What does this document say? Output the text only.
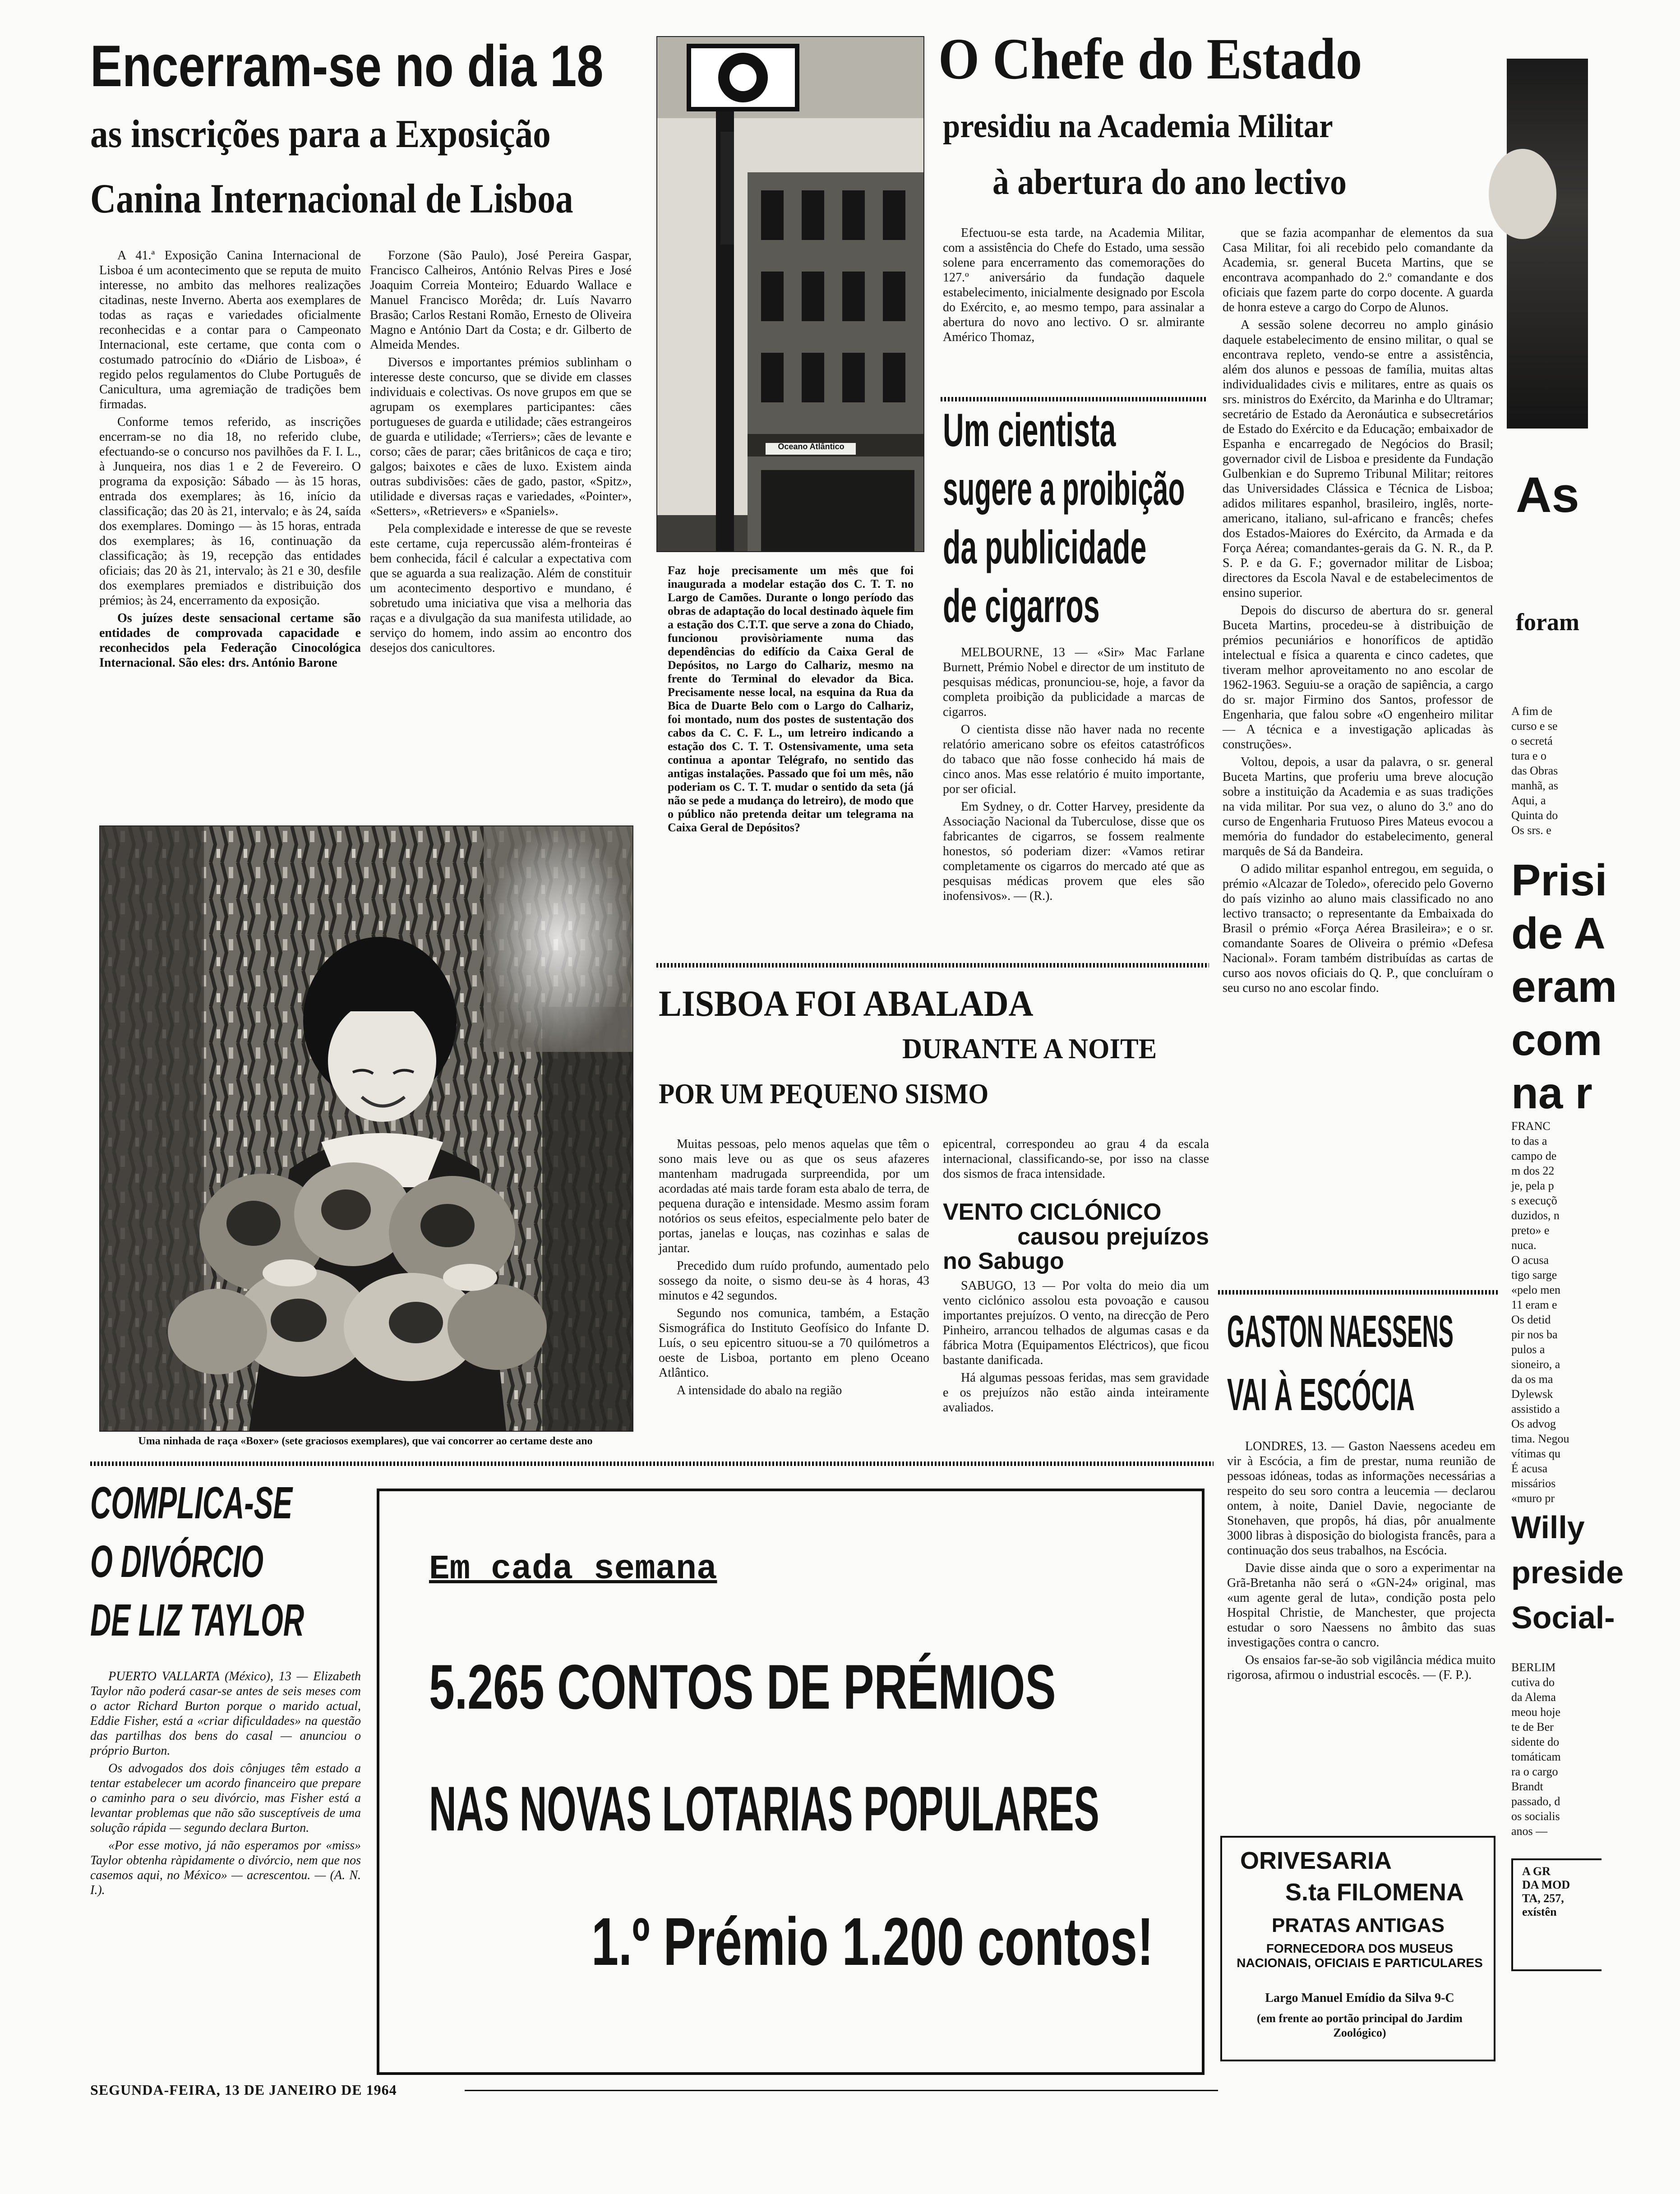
Encerram-se no dia 18
as inscrições para a Exposição
Canina Internacional de Lisboa

A 41.ª Exposição Canina Internacional de Lisboa é um acontecimento que se reputa de muito interesse, no ambito das melhores realizações citadinas, neste Inverno. Aberta aos exemplares de todas as raças e variedades oficialmente reconhecidas e a contar para o Campeonato Internacional, este certame, que conta com o costumado patrocínio do «Diário de Lisboa», é regido pelos regulamentos do Clube Português de Canicultura, uma agremiação de tradições bem firmadas.

Conforme temos referido, as inscrições encerram-se no dia 18, no referido clube, efectuando-se o concurso nos pavilhões da F. I. L., à Junqueira, nos dias 1 e 2 de Fevereiro. O programa da exposição: Sábado — às 15 horas, entrada dos exemplares; às 16, início da classificação; das 20 às 21, intervalo; e às 24, saída dos exemplares. Domingo — às 15 horas, entrada dos exemplares; às 16, continuação da classificação; às 19, recepção das entidades oficiais; das 20 às 21, intervalo; às 21 e 30, desfile dos exemplares premiados e distribuição dos prémios; às 24, encerramento da exposição.

Os juízes deste sensacional certame são entidades de comprovada capacidade e reconhecidos pela Federação Cinocológica Internacional. São eles: drs. António Barone

Forzone (São Paulo), José Pereira Gaspar, Francisco Calheiros, António Relvas Pires e José Joaquim Correia Monteiro; Eduardo Wallace e Manuel Francisco Morêda; dr. Luís Navarro Brasão; Carlos Restani Romão, Ernesto de Oliveira Magno e António Dart da Costa; e dr. Gilberto de Almeida Mendes.

Diversos e importantes prémios sublinham o interesse deste concurso, que se divide em classes individuais e colectivas. Os nove grupos em que se agrupam os exemplares participantes: cães portugueses de guarda e utilidade; cães estrangeiros de guarda e utilidade; «Terriers»; cães de levante e corso; cães de parar; cães britânicos de caça e tiro; galgos; baixotes e cães de luxo. Existem ainda outras subdivisões: cães de gado, pastor, «Spitz», utilidade e diversas raças e variedades, «Pointer», «Setters», «Retrievers» e «Spaniels».

Pela complexidade e interesse de que se reveste este certame, cuja repercussão além-fronteiras é bem conhecida, fácil é calcular a expectativa com que se aguarda a sua realização. Além de constituir um acontecimento desportivo e mundano, é sobretudo uma iniciativa que visa a melhoria das raças e a divulgação da sua manifesta utilidade, ao serviço do homem, indo assim ao encontro dos desejos dos canicultores.

Uma ninhada de raça «Boxer» (sete graciosos exemplares), que vai concorrer ao certame deste ano
Oceano Atlântico
Faz hoje precisamente um mês que foi inaugurada a modelar estação dos C. T. T. no Largo de Camões. Durante o longo período das obras de adaptação do local destinado àquele fim a estação dos C.T.T. que serve a zona do Chiado, funcionou provisòriamente numa das dependências do edifício da Caixa Geral de Depósitos, no Largo do Calhariz, mesmo na frente do Terminal do elevador da Bica. Precisamente nesse local, na esquina da Rua da Bica de Duarte Belo com o Largo do Calhariz, foi montado, num dos postes de sustentação dos cabos da C. C. F. L., um letreiro indicando a estação dos C. T. T. Ostensivamente, uma seta continua a apontar Telégrafo, no sentido das antigas instalações. Passado que foi um mês, não poderiam os C. T. T. mudar o sentido da seta (já não se pede a mudança do letreiro), de modo que o público não pretenda deitar um telegrama na Caixa Geral de Depósitos?
O Chefe do Estado
presidiu na Academia Militar
à abertura do ano lectivo
Efectuou-se esta tarde, na Academia Militar, com a assistência do Chefe do Estado, uma sessão solene para encerramento das comemorações do 127.º aniversário da fundação daquele estabelecimento, inicialmente designado por Escola do Exército, e, ao mesmo tempo, para assinalar a abertura do novo ano lectivo. O sr. almirante Américo Thomaz,

que se fazia acompanhar de elementos da sua Casa Militar, foi ali recebido pelo comandante da Academia, sr. general Buceta Martins, que se encontrava acompanhado do 2.º comandante e dos oficiais que fazem parte do corpo docente. A guarda de honra esteve a cargo do Corpo de Alunos.

A sessão solene decorreu no amplo ginásio daquele estabelecimento de ensino militar, o qual se encontrava repleto, vendo-se entre a assistência, além dos alunos e pessoas de família, muitas altas individualidades civis e militares, entre as quais os srs. ministros do Exército, da Marinha e do Ultramar; secretário de Estado da Aeronáutica e subsecretários de Estado do Exército e da Educação; embaixador de Espanha e encarregado de Negócios do Brasil; governador civil de Lisboa e presidente da Fundação Gulbenkian e do Supremo Tribunal Militar; reitores das Universidades Clássica e Técnica de Lisboa; adidos militares espanhol, brasileiro, inglês, norte-americano, italiano, sul-africano e francês; chefes dos Estados-Maiores do Exército, da Armada e da Força Aérea; comandantes-gerais da G. N. R., da P. S. P. e da G. F.; governador militar de Lisboa; directores da Escola Naval e de estabelecimentos de ensino superior.

Depois do discurso de abertura do sr. general Buceta Martins, procedeu-se à distribuição de prémios pecuniários e honoríficos de aptidão intelectual e física a quarenta e cinco cadetes, que tiveram melhor aproveitamento no ano escolar de 1962-1963. Seguiu-se a oração de sapiência, a cargo do sr. major Firmino dos Santos, professor de Engenharia, que falou sobre «O engenheiro militar — A técnica e a investigação aplicadas às construções».

Voltou, depois, a usar da palavra, o sr. general Buceta Martins, que proferiu uma breve alocução sobre a instituição da Academia e as suas tradições na vida militar. Por sua vez, o aluno do 3.º ano do curso de Engenharia Frutuoso Pires Mateus evocou a memória do fundador do estabelecimento, general marquês de Sá da Bandeira.

O adido militar espanhol entregou, em seguida, o prémio «Alcazar de Toledo», oferecido pelo Governo do país vizinho ao aluno mais classificado no ano lectivo transacto; o representante da Embaixada do Brasil o prémio «Força Aérea Brasileira»; e o sr. comandante Soares de Oliveira o prémio «Defesa Nacional». Foram também distribuídas as cartas de curso aos novos oficiais do Q. P., que concluíram o seu curso no ano escolar findo.

Um cientista
sugere a proibição
da publicidade
de cigarros

MELBOURNE, 13 — «Sir» Mac Farlane Burnett, Prémio Nobel e director de um instituto de pesquisas médicas, pronunciou-se, hoje, a favor da completa proibição da publicidade a marcas de cigarros.

O cientista disse não haver nada no recente relatório americano sobre os efeitos catastróficos do tabaco que não fosse conhecido há mais de cinco anos. Mas esse relatório é muito importante, por ser oficial.

Em Sydney, o dr. Cotter Harvey, presidente da Associação Nacional da Tuberculose, disse que os fabricantes de cigarros, se fossem realmente honestos, só poderiam dizer: «Vamos retirar completamente os cigarros do mercado até que as pesquisas médicas provem que eles são inofensivos». — (R.).

LISBOA FOI ABALADA
DURANTE A NOITE
POR UM PEQUENO SISMO

Muitas pessoas, pelo menos aquelas que têm o sono mais leve ou as que os seus afazeres mantenham madrugada surpreendida, por um acordadas até mais tarde foram esta abalo de terra, de pequena duração e intensidade. Mesmo assim foram notórios os seus efeitos, especialmente pelo bater de portas, janelas e louças, nas cozinhas e salas de jantar.

Precedido dum ruído profundo, aumentado pelo sossego da noite, o sismo deu-se às 4 horas, 43 minutos e 42 segundos.

Segundo nos comunica, também, a Estação Sismográfica do Instituto Geofísico do Infante D. Luís, o seu epicentro situou-se a 70 quilómetros a oeste de Lisboa, portanto em pleno Oceano Atlântico.

A intensidade do abalo na região

epicentral, correspondeu ao grau 4 da escala internacional, classificando-se, por isso na classe dos sismos de fraca intensidade.
VENTO CICLÓNICO
causou prejuízos
no Sabugo

SABUGO, 13 — Por volta do meio dia um vento ciclónico assolou esta povoação e causou importantes prejuízos. O vento, na direcção de Pero Pinheiro, arrancou telhados de algumas casas e da fábrica Motra (Equipamentos Eléctricos), que ficou bastante danificada.

Há algumas pessoas feridas, mas sem gravidade e os prejuízos não estão ainda inteiramente avaliados.

GASTON NAESSENS
VAI À ESCÓCIA

LONDRES, 13. — Gaston Naessens acedeu em vir à Escócia, a fim de prestar, numa reunião de pessoas idóneas, todas as informações necessárias a respeito do seu soro contra a leucemia — declarou ontem, à noite, Daniel Davie, negociante de Stonehaven, que propôs, há dias, pôr anualmente 3000 libras à disposição do biologista francês, para a continuação dos seus trabalhos, na Escócia.

Davie disse ainda que o soro a experimentar na Grã-Bretanha não será o «GN-24» original, mas «um agente geral de luta», condição posta pelo Hospital Christie, de Manchester, que projecta estudar o soro Naessens no âmbito das suas investigações contra o cancro.

Os ensaios far-se-ão sob vigilância médica muito rigorosa, afirmou o industrial escocês. — (F. P.).

COMPLICA-SE
O DIVÓRCIO
DE LIZ TAYLOR

PUERTO VALLARTA (México), 13 — Elizabeth Taylor não poderá casar-se antes de seis meses com o actor Richard Burton porque o marido actual, Eddie Fisher, está a «criar dificuldades» na questão das partilhas dos bens do casal — anunciou o próprio Burton.

Os advogados dos dois cônjuges têm estado a tentar estabelecer um acordo financeiro que prepare o caminho para o seu divórcio, mas Fisher está a levantar problemas que não são susceptíveis de uma solução rápida — segundo declara Burton.

«Por esse motivo, já não esperamos por «miss» Taylor obtenha ràpidamente o divórcio, nem que nos casemos aqui, no México» — acrescentou. — (A. N. I.).

Em cada semana
5.265 CONTOS DE PRÉMIOS
NAS NOVAS LOTARIAS POPULARES
1.º Prémio 1.200 contos!
ORIVESARIA
S.ta FILOMENA
PRATAS ANTIGAS
FORNECEDORA DOS MUSEUS NACIONAIS, OFICIAIS E PARTICULARES
Largo Manuel Emídio da Silva 9-C
(em frente ao portão principal do Jardim Zoológico)
SEGUNDA-FEIRA, 13 DE JANEIRO DE 1964
As
foram
A fim de
curso e se
o secretá
tura e o
das Obras
manhã, as
Aqui, a
Quinta do
Os srs. e
Prisi
de A
eram
com
na r
FRANC
to das a
campo de
m dos 22
je, pela p
s execuçõ
duzidos, n
preto» e
nuca.
O acusa
tigo sarge
«pelo men
11 eram e
Os detid
pir nos ba
pulos a
sioneiro, a
da os ma
Dylewsk
assistido a
Os advog
tima. Negou
vítimas qu
É acusa
missários
«muro pr
Willy
preside
Social-
BERLIM
cutiva do
da Alema
meou hoje
te de Ber
sidente do
tomáticam
ra o cargo
Brandt
passado, d
os socialis
anos —
A GR
DA MOD
TA, 257,
exístên
